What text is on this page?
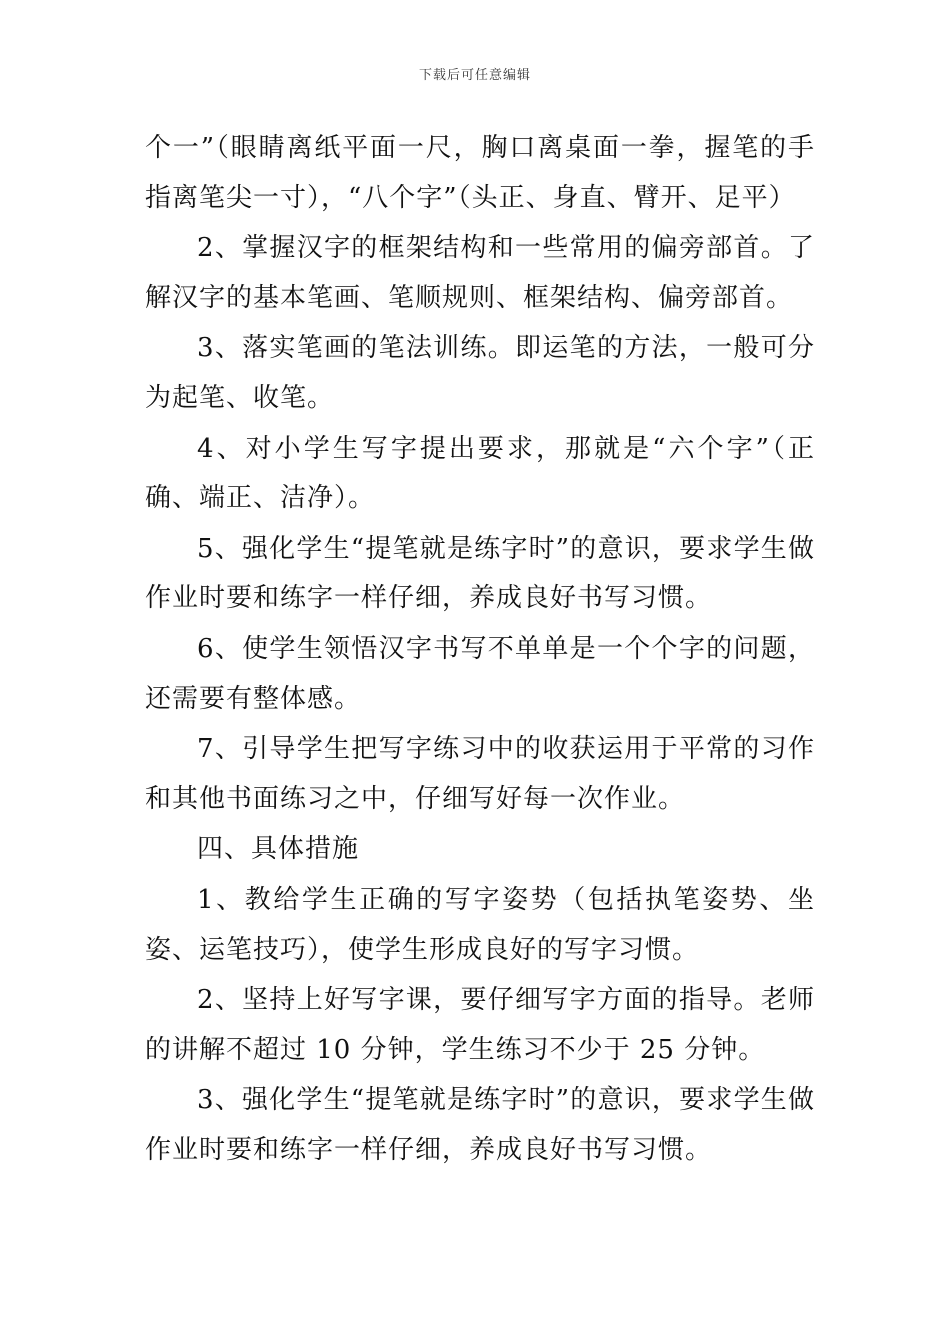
下载后可任意编辑

个一”（眼睛离纸平面一尺，胸口离桌面一拳，握笔的手指离笔尖一寸），“八个字”（头正、身直、臂开、足平）

2、掌握汉字的框架结构和一些常用的偏旁部首。了解汉字的基本笔画、笔顺规则、框架结构、偏旁部首。

3、落实笔画的笔法训练。即运笔的方法，一般可分为起笔、收笔。

4、对小学生写字提出要求，那就是“六个字”（正确、端正、洁净）。

5、强化学生“提笔就是练字时”的意识，要求学生做作业时要和练字一样仔细，养成良好书写习惯。

6、使学生领悟汉字书写不单单是一个个字的问题，还需要有整体感。

7、引导学生把写字练习中的收获运用于平常的习作和其他书面练习之中，仔细写好每一次作业。

四、具体措施

1、教给学生正确的写字姿势（包括执笔姿势、坐姿、运笔技巧），使学生形成良好的写字习惯。

2、坚持上好写字课，要仔细写字方面的指导。老师的讲解不超过 10 分钟，学生练习不少于 25 分钟。

3、强化学生“提笔就是练字时”的意识，要求学生做作业时要和练字一样仔细，养成良好书写习惯。
